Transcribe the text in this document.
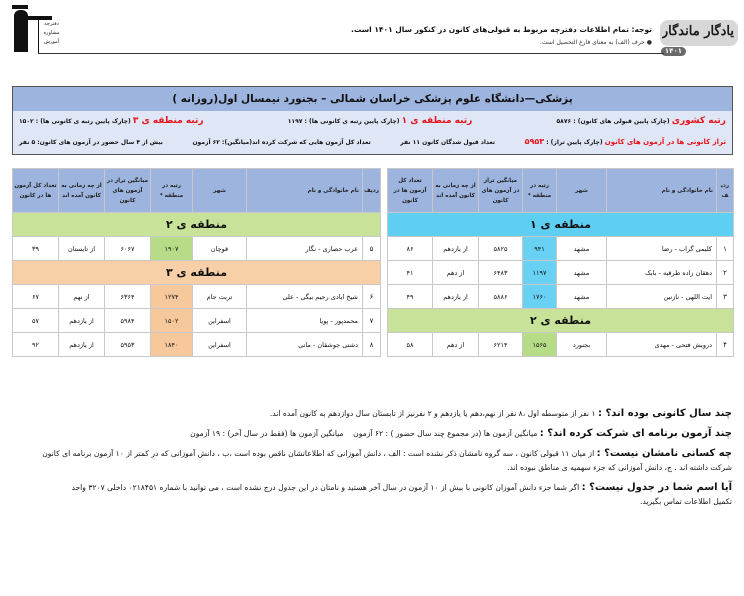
دفترچه
مشاوره
آموزش
یادگار ماندگار
۱۴۰۱
توجه: تمام اطلاعات دفترچه مربوط به قبولی‌های کانون در کنکور سال ۱۴۰۱ است.
● حرف (الف) به معنای فارغ التحصیل است.
پزشکی—دانشگاه علوم پزشکی خراسان شمالی – بجنورد نیمسال اول(روزانه )
رتبه کشوری (چارک پایین قبولی های کانون) : ۵۸۷۶
رتبه منطقه ی ۱ (چارک پایین رتبه ی کانونی ها) : ۱۱۹۷
رتبه منطقه ی ۳ (چارک پایین رتبه ی کانونی ها) : ۱۵۰۲
تراز کانونی ها در آزمون های کانون (چارک پایین تراز) : ۵۹۵۳
تعداد قبول شدگان کانون ۱۱ نفر
تعداد کل آزمون هایی که شرکت کرده اند(میانگین): ۶۲ آزمون
بیش از ۴ سال حضور در آزمون های کانون: ۵ نفر
ردیف	نام خانوادگی و نام	شهر	رتبه در منطقه *	میانگین تراز در آزمون های کانون	از چه زمانی به کانون آمده اند	تعداد کل آزمون ها در کانون
منطقه ی ۱						
۱	کلیمی گراب - رضا	مشهد	۹۴۱	۵۸۲۵	از یازدهم	۸۶
۲	دهقان زاده طرقبه - بابک	مشهد	۱۱۹۷	۶۴۸۳	از دهم	۴۱
۳	ایت اللهی - نازنین	مشهد	۱۷۶۰	۵۸۸۶	از یازدهم	۴۹
منطقه ی ۲						
۴	درویش فتحی - مهدی	بجنورد	۱۵۶۵	۶۲۱۴	از دهم	۵۸
ردیف	نام خانوادگی و نام	شهر	رتبه در منطقه *	میانگین تراز در آزمون های کانون	از چه زمانی به کانون آمده اند	تعداد کل آزمون ها در کانون
منطقه ی ۲						
۵	عرب حصاری - نگار	قوچان	۱۹۰۷	۶۰۶۷	از تابستان	۳۹
منطقه ی ۳						
۶	شیخ ابادی رحیم بیگی - علی	تربت جام	۱۲۷۴	۶۳۶۴	از نهم	۶۷
۷	محمدپور - پویا	اسفراین	۱۵۰۲	۵۹۸۴	از یازدهم	۵۷
۸	دشتی جوشقان - مانی	اسفراین	۱۸۴۰	۵۹۵۳	از یازدهم	۹۲

چند سال کانونی بوده اند؟ : ۱ نفر از متوسطه اول ،۸ نفر از نهم،دهم یا یازدهم و ۲ نفرنیز از تابستان سال دوازدهم به کانون آمده اند.

چند آزمون برنامه ای شرکت کرده اند؟ : میانگین آزمون ها (در مجموع چند سال حضور ) : ۶۲ آزمون    میانگین آزمون ها (فقط در سال آخر) : ۱۹ آزمون

چه کسانی نامشان نیست؟ : از میان ۱۱ قبولی کانون ، سه گروه نامشان ذکر نشده است : الف ، دانش آموزانی که اطلاعاتشان ناقص بوده است ،ب ، دانش آموزانی که در کمتر از ۱۰ آزمون برنامه ای کانون

شرکت داشته اند . ج، دانش آموزانی که جزء سهمیه ی مناطق نبوده اند.

آیا اسم شما در جدول نیست؟ : اگر شما جزء دانش آموزان کانونی با بیش از ۱۰ آزمون در سال آخر هستید و نامتان در این جدول درج نشده است ، می توانید با شماره ۰۲۱۸۴۵۱ داخلی ۳۲۰۷ واحد

تکمیل اطلاعات تماس بگیرید.
